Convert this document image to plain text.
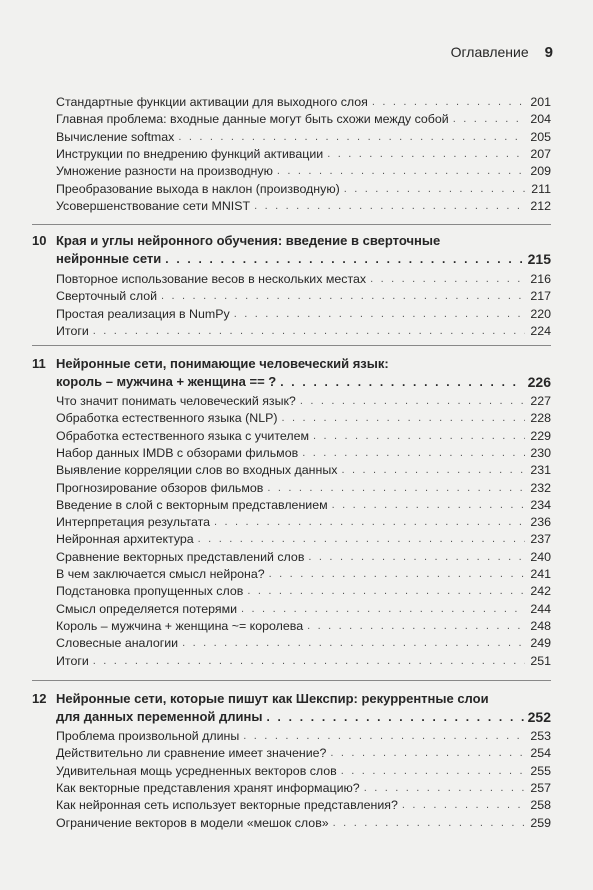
Оглавление 9
Стандартные функции активации для выходного слоя . . .	201
Главная проблема: входные данные могут быть схожи между собой . . .	204
Вычисление softmax . . .	205
Инструкции по внедрению функций активации . . .	207
Умножение разности на производную . . .	209
Преобразование выхода в наклон (производную) . . .	211
Усовершенствование сети MNIST . . .	212
10 Края и углы нейронного обучения: введение в сверточные
нейронные сети . . .	215
Повторное использование весов в нескольких местах . . .	216
Сверточный слой . . .	217
Простая реализация в NumPy . . .	220
Итоги . . .	224
11 Нейронные сети, понимающие человеческий язык:
король – мужчина + женщина == ? . . .	226
Что значит понимать человеческий язык? . . .	227
Обработка естественного языка (NLP) . . .	228
Обработка естественного языка с учителем . . .	229
Набор данных IMDB с обзорами фильмов . . .	230
Выявление корреляции слов во входных данных . . .	231
Прогнозирование обзоров фильмов . . .	232
Введение в слой с векторным представлением . . .	234
Интерпретация результата . . .	236
Нейронная архитектура . . .	237
Сравнение векторных представлений слов . . .	240
В чем заключается смысл нейрона? . . .	241
Подстановка пропущенных слов . . .	242
Смысл определяется потерями . . .	244
Король – мужчина + женщина ~= королева . . .	248
Словесные аналогии . . .	249
Итоги . . .	251
12 Нейронные сети, которые пишут как Шекспир: рекуррентные слои
для данных переменной длины . . .	252
Проблема произвольной длины . . .	253
Действительно ли сравнение имеет значение? . . .	254
Удивительная мощь усредненных векторов слов . . .	255
Как векторные представления хранят информацию? . . .	257
Как нейронная сеть использует векторные представления? . . .	258
Ограничение векторов в модели «мешок слов» . . .	259
